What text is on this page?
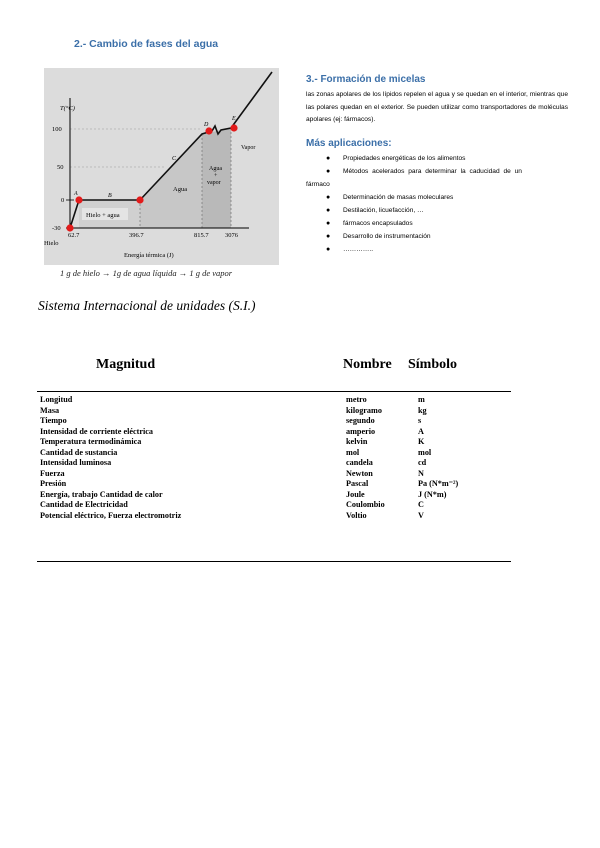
2.- Cambio de fases del agua
T(°C)
100
50
0
-30
62.7	396.7	815.7	3076
Energía térmica (J)
A	B
C
D
E
Hielo
Hielo + agua
Agua
Agua
+
vapor
Vapor
1 g de hielo → 1g de agua líquida → 1 g de vapor
3.- Formación de micelas
las zonas apolares de los lípidos repelen el agua y se quedan en el interior, mientras que las polares quedan en el exterior. Se pueden utilizar como transportadores de moléculas apolares (ej: fármacos).
Más aplicaciones:
● Propiedades energéticas de los alimentos
● Métodos acelerados para determinar la caducidad de un
fármaco
● Determinación de masas moleculares
● Destilación, licuefacción, …
● fármacos encapsulados
● Desarrollo de instrumentación
● …………..
Sistema Internacional de unidades (S.I.)
Magnitud	Nombre Símbolo
Longitud	metro	m
Masa	kilogramo	kg
Tiempo	segundo	s
Intensidad de corriente eléctrica	amperio	A
Temperatura termodinámica	kelvin	K
Cantidad de sustancia	mol	mol
Intensidad luminosa	candela	cd
Fuerza	Newton	N
Presión	Pascal	Pa (N*m⁻²)
Energía, trabajo Cantidad de calor	Joule	J (N*m)
Cantidad de Electricidad	Coulombio	C
Potencial eléctrico, Fuerza electromotriz	Voltio	V
